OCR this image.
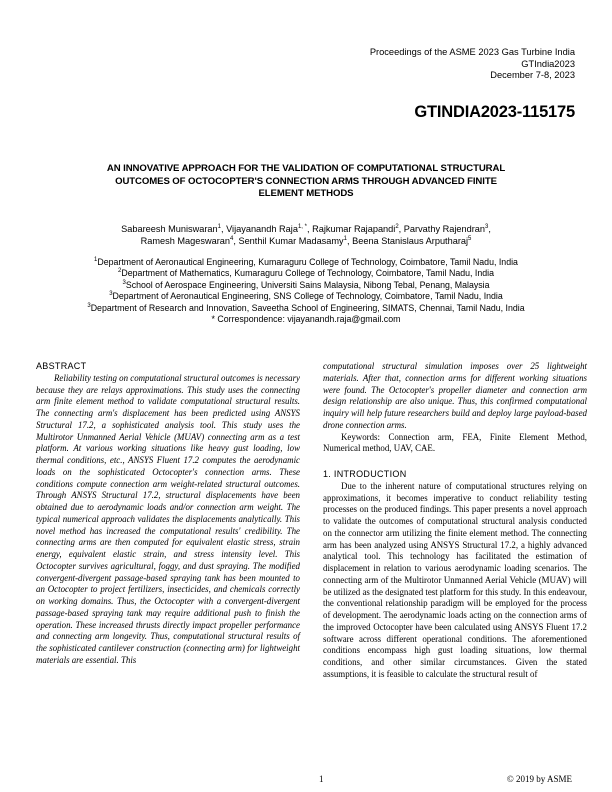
Proceedings of the ASME 2023 Gas Turbine India
GTIndia2023
December 7-8, 2023
GTINDIA2023-115175
AN INNOVATIVE APPROACH FOR THE VALIDATION OF COMPUTATIONAL STRUCTURAL
OUTCOMES OF OCTOCOPTER'S CONNECTION ARMS THROUGH ADVANCED FINITE
ELEMENT METHODS
Sabareesh Muniswaran$^1$, Vijayanandh Raja$^{1, *}$, Rajkumar Rajapandi$^2$, Parvathy Rajendran$^3$,
Ramesh Mageswaran$^4$, Senthil Kumar Madasamy$^1$, Beena Stanislaus Arputharaj$^5$
$^1$Department of Aeronautical Engineering, Kumaraguru College of Technology, Coimbatore, Tamil Nadu, India
$^2$Department of Mathematics, Kumaraguru College of Technology, Coimbatore, Tamil Nadu, India
$^3$School of Aerospace Engineering, Universiti Sains Malaysia, Nibong Tebal, Penang, Malaysia
$^3$Department of Aeronautical Engineering, SNS College of Technology, Coimbatore, Tamil Nadu, India
$^3$Department of Research and Innovation, Saveetha School of Engineering, SIMATS, Chennai, Tamil Nadu, India
* Correspondence: vijayanandh.raja@gmail.com

ABSTRACT

Reliability testing on computational structural outcomes is necessary because they are relays approximations. This study uses the connecting arm finite element method to validate computational structural results. The connecting arm's displacement has been predicted using ANSYS Structural 17.2, a sophisticated analysis tool. This study uses the Multirotor Unmanned Aerial Vehicle (MUAV) connecting arm as a test platform. At various working situations like heavy gust loading, low thermal conditions, etc., ANSYS Fluent 17.2 computes the aerodynamic loads on the sophisticated Octocopter's connection arms. These conditions compute connection arm weight-related structural outcomes. Through ANSYS Structural 17.2, structural displacements have been obtained due to aerodynamic loads and/or connection arm weight. The typical numerical approach validates the displacements analytically. This novel method has increased the computational results' credibility. The connecting arms are then computed for equivalent elastic stress, strain energy, equivalent elastic strain, and stress intensity level. This Octocopter survives agricultural, foggy, and dust spraying. The modified convergent-divergent passage-based spraying tank has been mounted to an Octocopter to project fertilizers, insecticides, and chemicals correctly on working domains. Thus, the Octocopter with a convergent-divergent passage-based spraying tank may require additional push to finish the operation. These increased thrusts directly impact propeller performance and connecting arm longevity. Thus, computational structural results of the sophisticated cantilever construction (connecting arm) for lightweight materials are essential. This

computational structural simulation imposes over 25 lightweight materials. After that, connection arms for different working situations were found. The Octocopter's propeller diameter and connection arm design relationship are also unique. Thus, this confirmed computational inquiry will help future researchers build and deploy large payload-based drone connection arms.

Keywords: Connection arm, FEA, Finite Element Method, Numerical method, UAV, CAE.

1. INTRODUCTION

Due to the inherent nature of computational structures relying on approximations, it becomes imperative to conduct reliability testing processes on the produced findings. This paper presents a novel approach to validate the outcomes of computational structural analysis conducted on the connector arm utilizing the finite element method. The connecting arm has been analyzed using ANSYS Structural 17.2, a highly advanced analytical tool. This technology has facilitated the estimation of displacement in relation to various aerodynamic loading scenarios. The connecting arm of the Multirotor Unmanned Aerial Vehicle (MUAV) will be utilized as the designated test platform for this study. In this endeavour, the conventional relationship paradigm will be employed for the process of development. The aerodynamic loads acting on the connection arms of the improved Octocopter have been calculated using ANSYS Fluent 17.2 software across different operational conditions. The aforementioned conditions encompass high gust loading situations, low thermal conditions, and other similar circumstances. Given the stated assumptions, it is feasible to calculate the structural result of

1	© 2019 by ASME
